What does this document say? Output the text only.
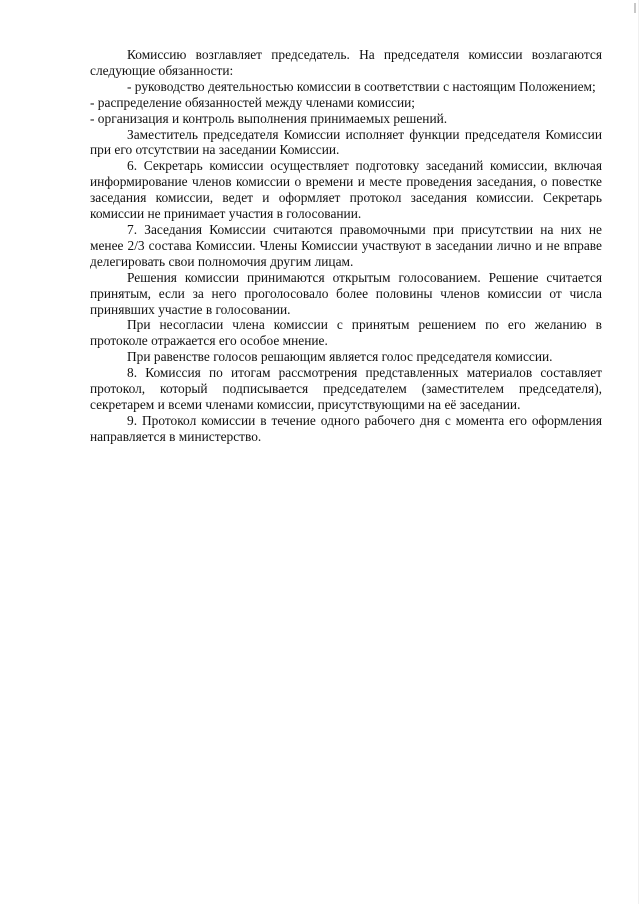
Комиссию возглавляет председатель. На председателя комиссии возлагаются следующие обязанности:

- руководство деятельностью комиссии в соответствии с настоящим Положением;

- распределение обязанностей между членами комиссии;

- организация и контроль выполнения принимаемых решений.

Заместитель председателя Комиссии исполняет функции председателя Комиссии при его отсутствии на заседании Комиссии.

6. Секретарь комиссии осуществляет подготовку заседаний комиссии, включая информирование членов комиссии о времени и месте проведения заседания, о повестке заседания комиссии, ведет и оформляет протокол заседания комиссии. Секретарь комиссии не принимает участия в голосовании.

7. Заседания Комиссии считаются правомочными при присутствии на них не менее 2/3 состава Комиссии. Члены Комиссии участвуют в заседании лично и не вправе делегировать свои полномочия другим лицам.

Решения комиссии принимаются открытым голосованием. Решение считается принятым, если за него проголосовало более половины членов комиссии от числа принявших участие в голосовании.

При несогласии члена комиссии с принятым решением по его желанию в протоколе отражается его особое мнение.

При равенстве голосов решающим является голос председателя комиссии.

8. Комиссия по итогам рассмотрения представленных материалов составляет протокол, который подписывается председателем (заместителем председателя), секретарем и всеми членами комиссии, присутствующими на её заседании.

9. Протокол комиссии в течение одного рабочего дня с момента его оформления направляется в министерство.
